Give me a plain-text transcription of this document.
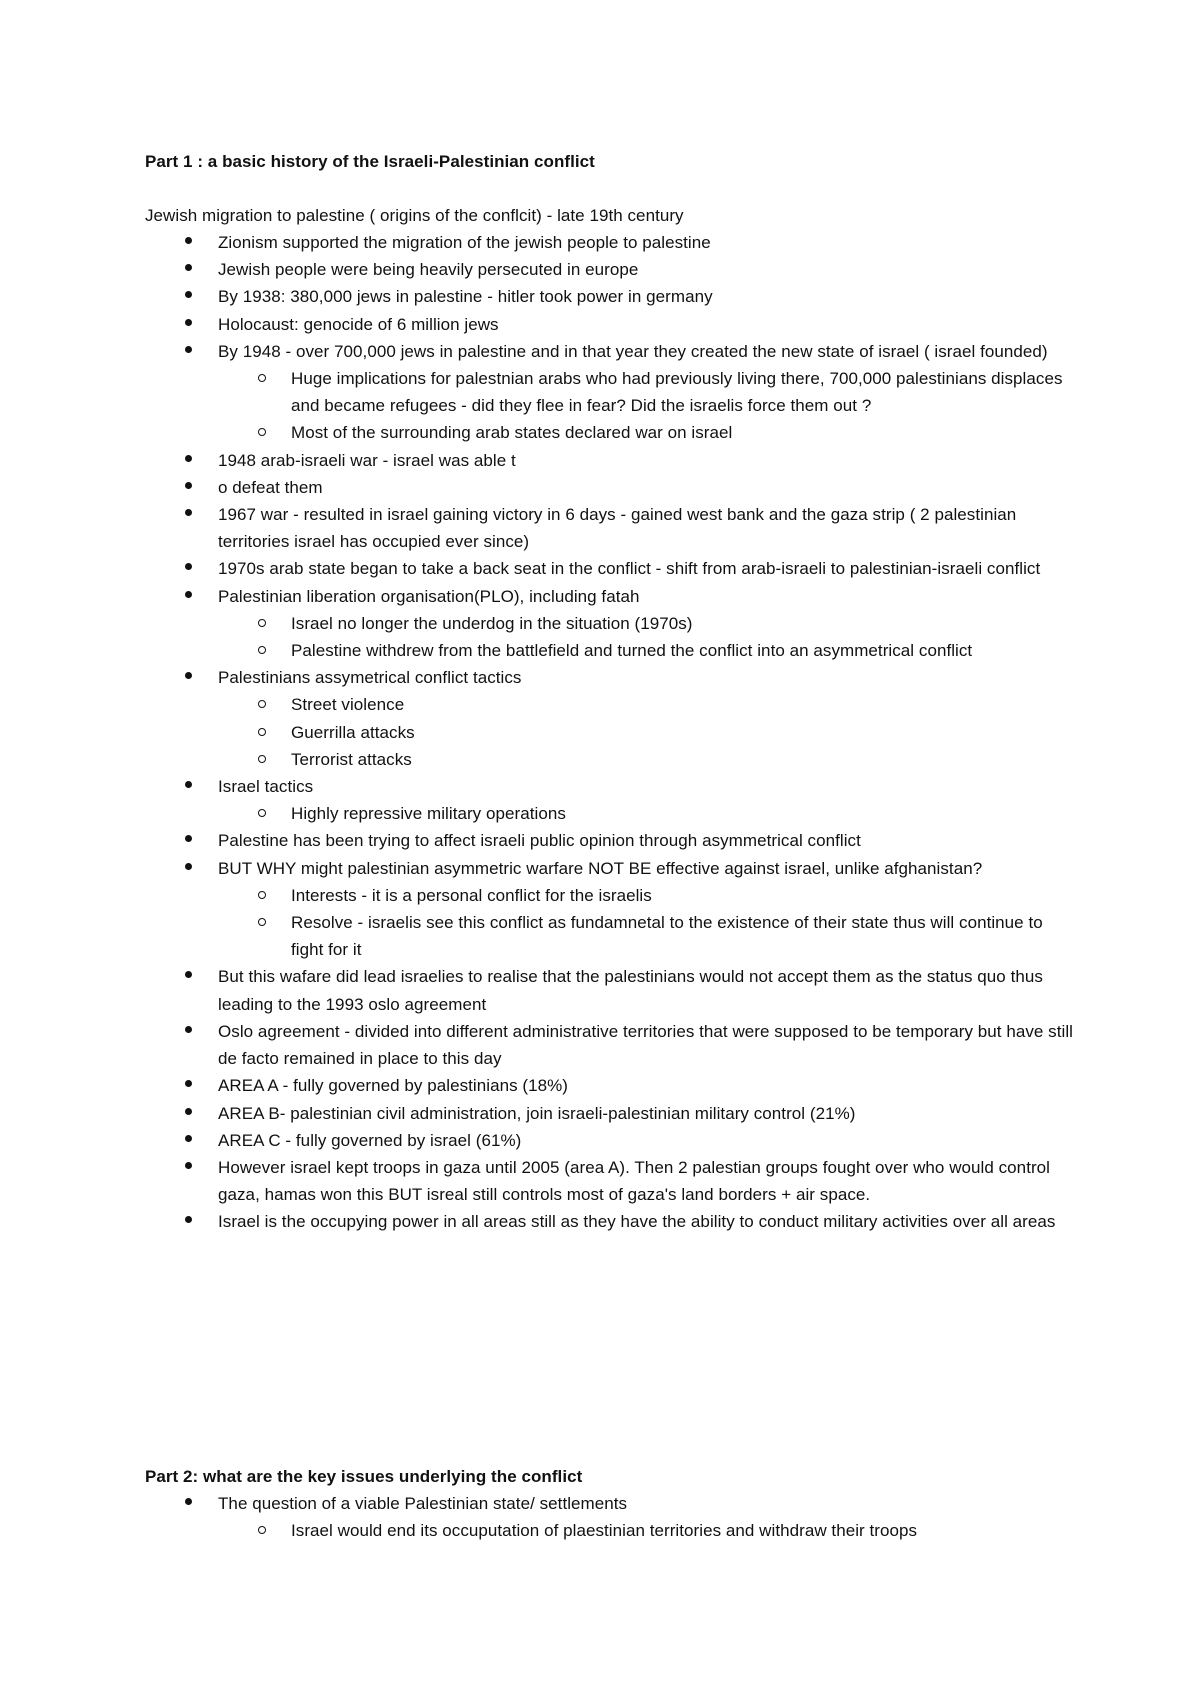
Part 1 : a basic history of the Israeli-Palestinian conflict
Jewish migration to palestine ( origins of the conflcit) - late 19th century
Zionism supported the migration of the jewish people to palestine
Jewish people were being heavily persecuted in europe
By 1938: 380,000 jews in palestine - hitler took power in germany
Holocaust: genocide of 6 million jews
By 1948 - over 700,000 jews in palestine and in that year they created the new state of israel ( israel founded)
Huge implications for palestnian arabs who had previously living there, 700,000 palestinians displaces and became refugees - did they flee in fear? Did the israelis force them out ?
Most of the surrounding arab states declared war on israel
1948 arab-israeli war - israel was able t
o defeat them
1967 war - resulted in israel gaining victory in 6 days - gained west bank and the gaza strip ( 2 palestinian territories israel has occupied ever since)
1970s arab state began to take a back seat in the conflict - shift from arab-israeli to palestinian-israeli conflict
Palestinian liberation organisation(PLO), including fatah
Israel no longer the underdog in the situation (1970s)
Palestine withdrew from the battlefield and turned the conflict into an asymmetrical conflict
Palestinians assymetrical conflict tactics
Street violence
Guerrilla attacks
Terrorist attacks
Israel tactics
Highly repressive military operations
Palestine has been trying to affect israeli public opinion through asymmetrical conflict
BUT WHY might palestinian asymmetric warfare NOT BE effective against israel, unlike afghanistan?
Interests - it is a personal conflict for the israelis
Resolve - israelis see this conflict as fundamnetal to the existence of their state thus will continue to fight for it
But this wafare did lead israelies to realise that the palestinians would not accept them as the status quo thus leading to the 1993 oslo agreement
Oslo agreement - divided into different administrative territories that were supposed to be temporary but have still de facto remained in place to this day
AREA A - fully governed by palestinians (18%)
AREA B- palestinian civil administration, join israeli-palestinian military control (21%)
AREA C - fully governed by israel (61%)
However israel kept troops in gaza until 2005 (area A). Then 2 palestian groups fought over who would control gaza, hamas won this BUT isreal still controls most of gaza's land borders + air space.
Israel is the occupying power in all areas still as they have the ability to conduct military activities over all areas
Part 2: what are the key issues underlying the conflict
The question of a viable Palestinian state/ settlements
Israel would end its occuputation of plaestinian territories and withdraw their troops
